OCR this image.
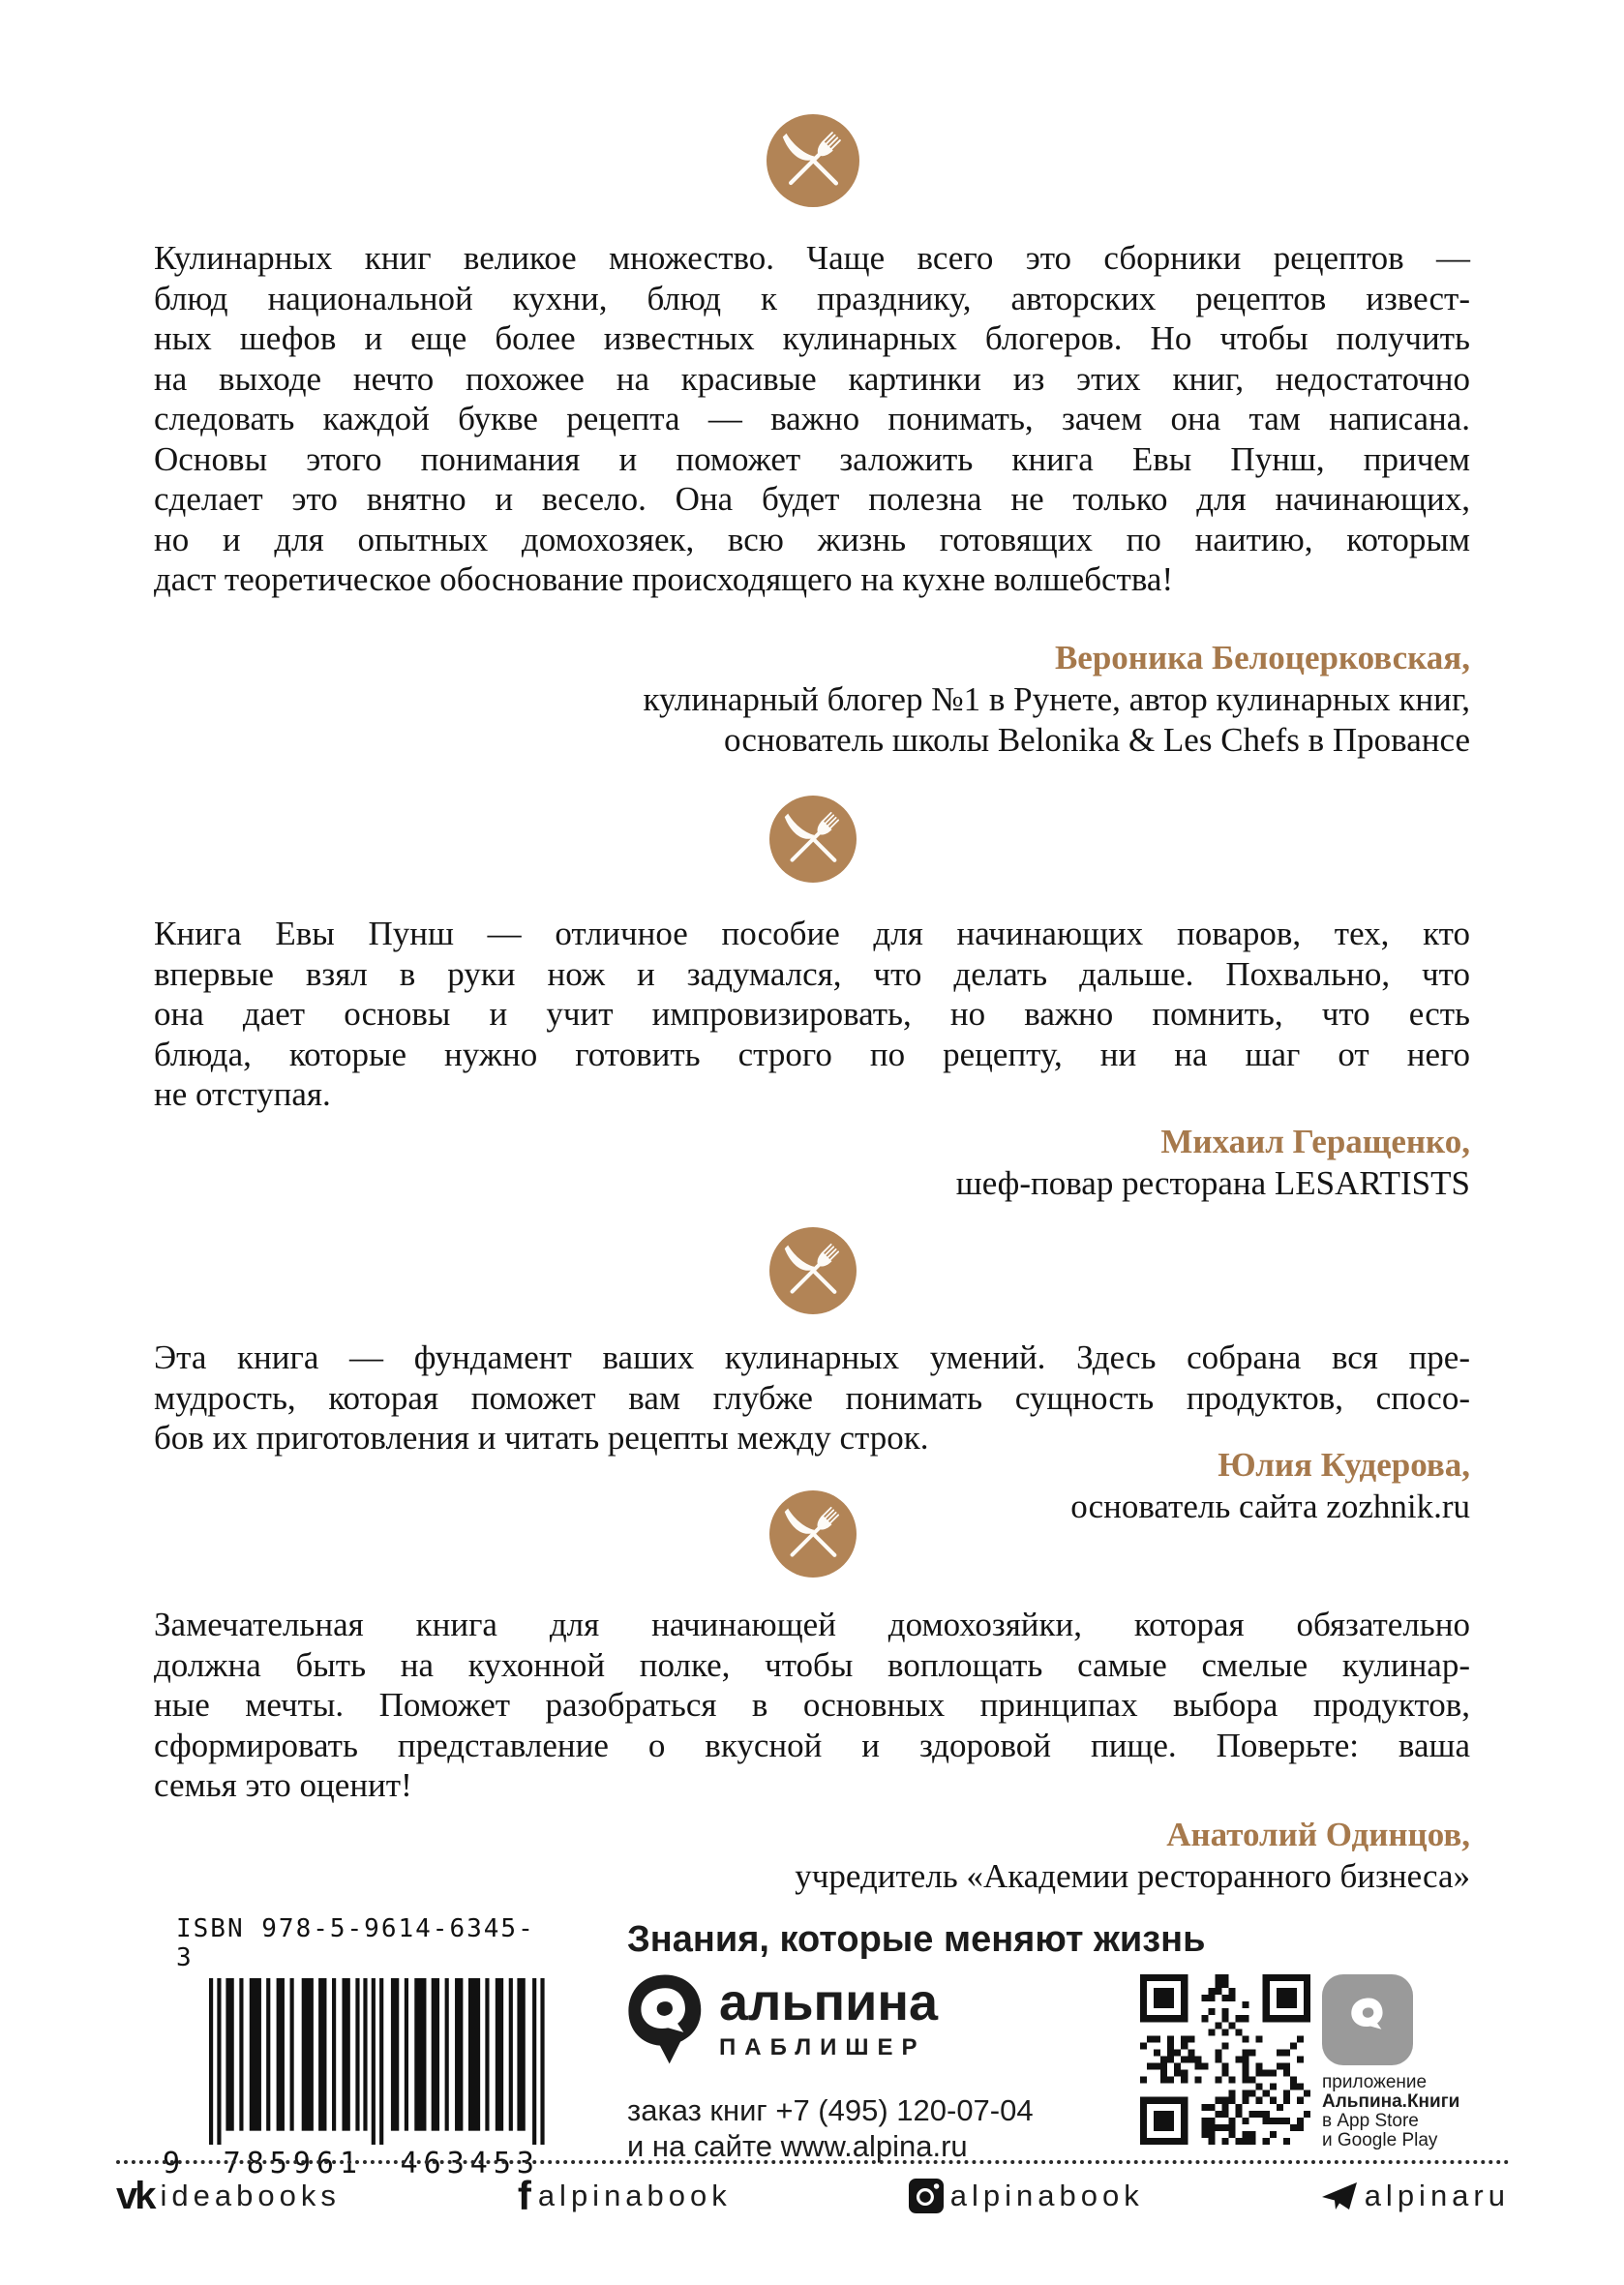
Кулинарных книг великое множество. Чаще всего это сборники рецептов —
блюд национальной кухни, блюд к празднику, авторских рецептов извест-
ных шефов и еще более известных кулинарных блогеров. Но чтобы получить
на выходе нечто похожее на красивые картинки из этих книг, недостаточно
следовать каждой букве рецепта — важно понимать, зачем она там написана.
Основы этого понимания и поможет заложить книга Евы Пунш, причем
сделает это внятно и весело. Она будет полезна не только для начинающих,
но и для опытных домохозяек, всю жизнь готовящих по наитию, которым
даст теоретическое обоснование происходящего на кухне волшебства!
Вероника Белоцерковская,
кулинарный блогер №1 в Рунете, автор кулинарных книг,
основатель школы Belonika & Les Chefs в Провансе
Книга Евы Пунш — отличное пособие для начинающих поваров, тех, кто
впервые взял в руки нож и задумался, что делать дальше. Похвально, что
она дает основы и учит импровизировать, но важно помнить, что есть
блюда, которые нужно готовить строго по рецепту, ни на шаг от него
не отступая.
Михаил Геращенко,
шеф-повар ресторана LESARTISTS
Эта книга — фундамент ваших кулинарных умений. Здесь собрана вся пре-
мудрость, которая поможет вам глубже понимать сущность продуктов, спосо-
бов их приготовления и читать рецепты между строк.
Юлия Кудерова,
основатель сайта zozhnik.ru
Замечательная книга для начинающей домохозяйки, которая обязательно
должна быть на кухонной полке, чтобы воплощать самые смелые кулинар-
ные мечты. Поможет разобраться в основных принципах выбора продуктов,
сформировать представление о вкусной и здоровой пище. Поверьте: ваша
семья это оценит!
Анатолий Одинцов,
учредитель «Академии ресторанного бизнеса»
ISBN 978-5-9614-6345-3
9 785961 463453
Знания, которые меняют жизнь
альпина
ПАБЛИШЕР
заказ книг +7 (495) 120-07-04
и на сайте www.alpina.ru
приложение
Альпина.Книги
в App Store
и Google Play
vk ideabooks	f alpinabook	alpinabook	alpinaru
